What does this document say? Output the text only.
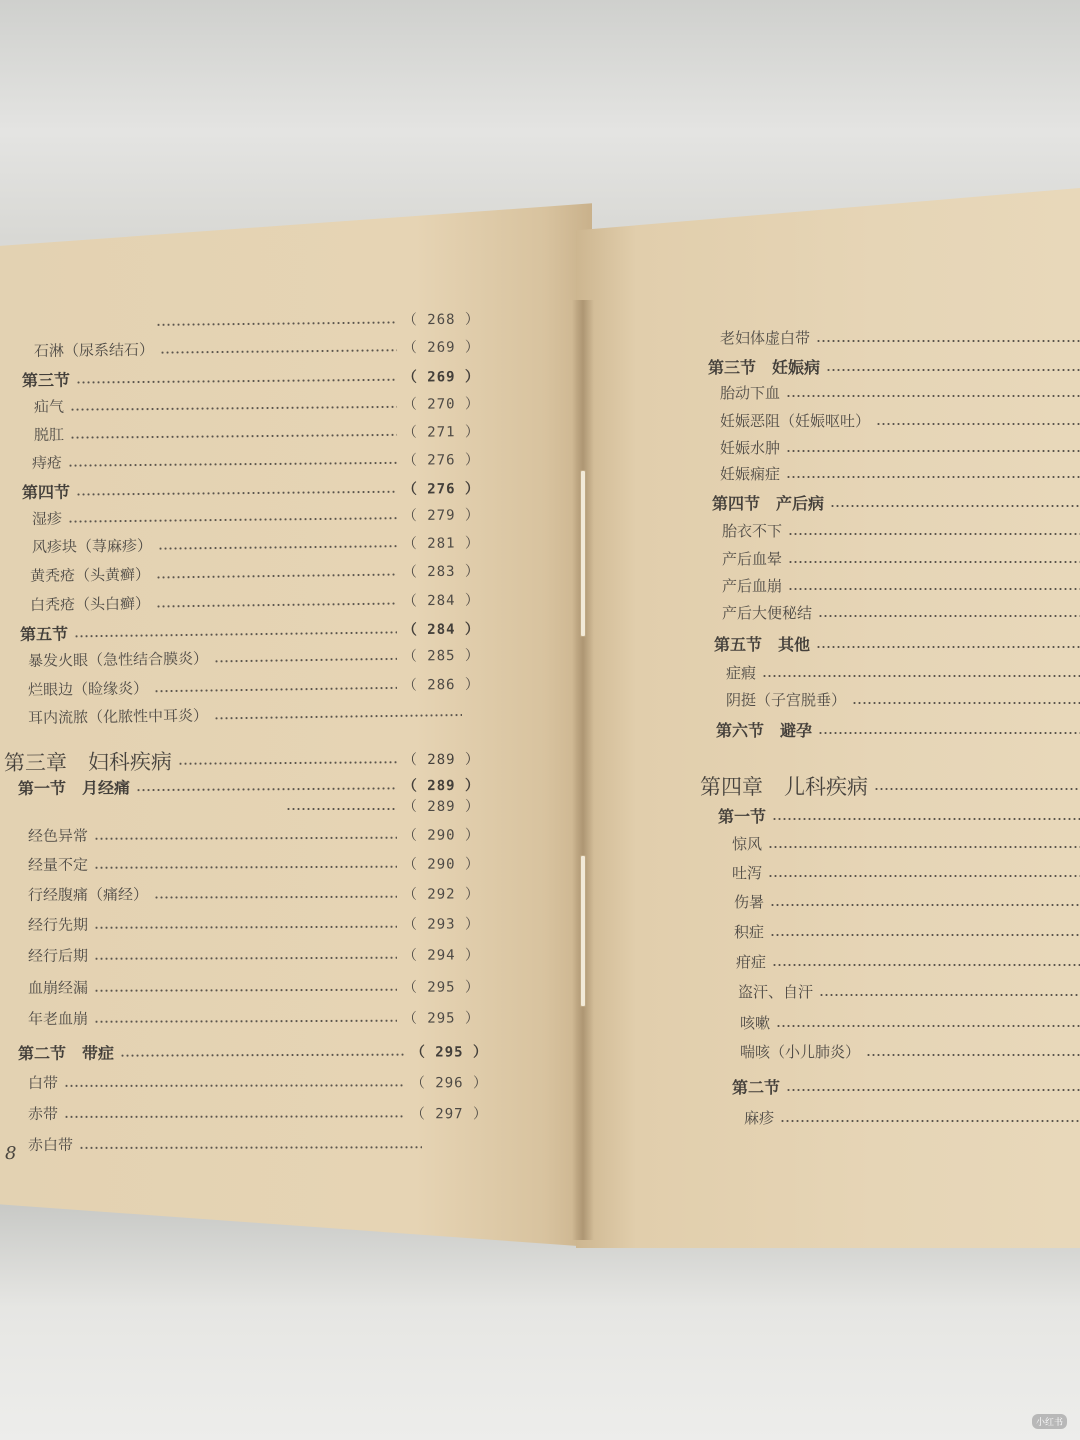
（ 268 ）
石淋（尿系结石）	（ 269 ）
第三节	（ 269 ）
疝气	（ 270 ）
脱肛	（ 271 ）
痔疮	（ 276 ）
第四节	（ 276 ）
湿疹	（ 279 ）
风疹块（荨麻疹）	（ 281 ）
黄秃疮（头黄癣）	（ 283 ）
白秃疮（头白癣）	（ 284 ）
第五节	（ 284 ）
暴发火眼（急性结合膜炎）	（ 285 ）
烂眼边（睑缘炎）	（ 286 ）
耳内流脓（化脓性中耳炎）
第三章　妇科疾病	（ 289 ）
第一节　月经痛	（ 289 ）
（ 289 ）
经色异常	（ 290 ）
经量不定	（ 290 ）
行经腹痛（痛经）	（ 292 ）
经行先期	（ 293 ）
经行后期	（ 294 ）
血崩经漏	（ 295 ）
年老血崩	（ 295 ）
第二节　带症	（ 295 ）
白带	（ 296 ）
赤带	（ 297 ）
赤白带
老妇体虚白带
第三节　妊娠病
胎动下血
妊娠恶阻（妊娠呕吐）
妊娠水肿
妊娠痫症
第四节　产后病
胎衣不下
产后血晕
产后血崩
产后大便秘结
第五节　其他
症瘕
阴挺（子宫脱垂）
第六节　避孕
第四章　儿科疾病
第一节
惊风
吐泻
伤暑
积症
疳症
盗汗、自汗
咳嗽
喘咳（小儿肺炎）
第二节
麻疹
8
小红书
